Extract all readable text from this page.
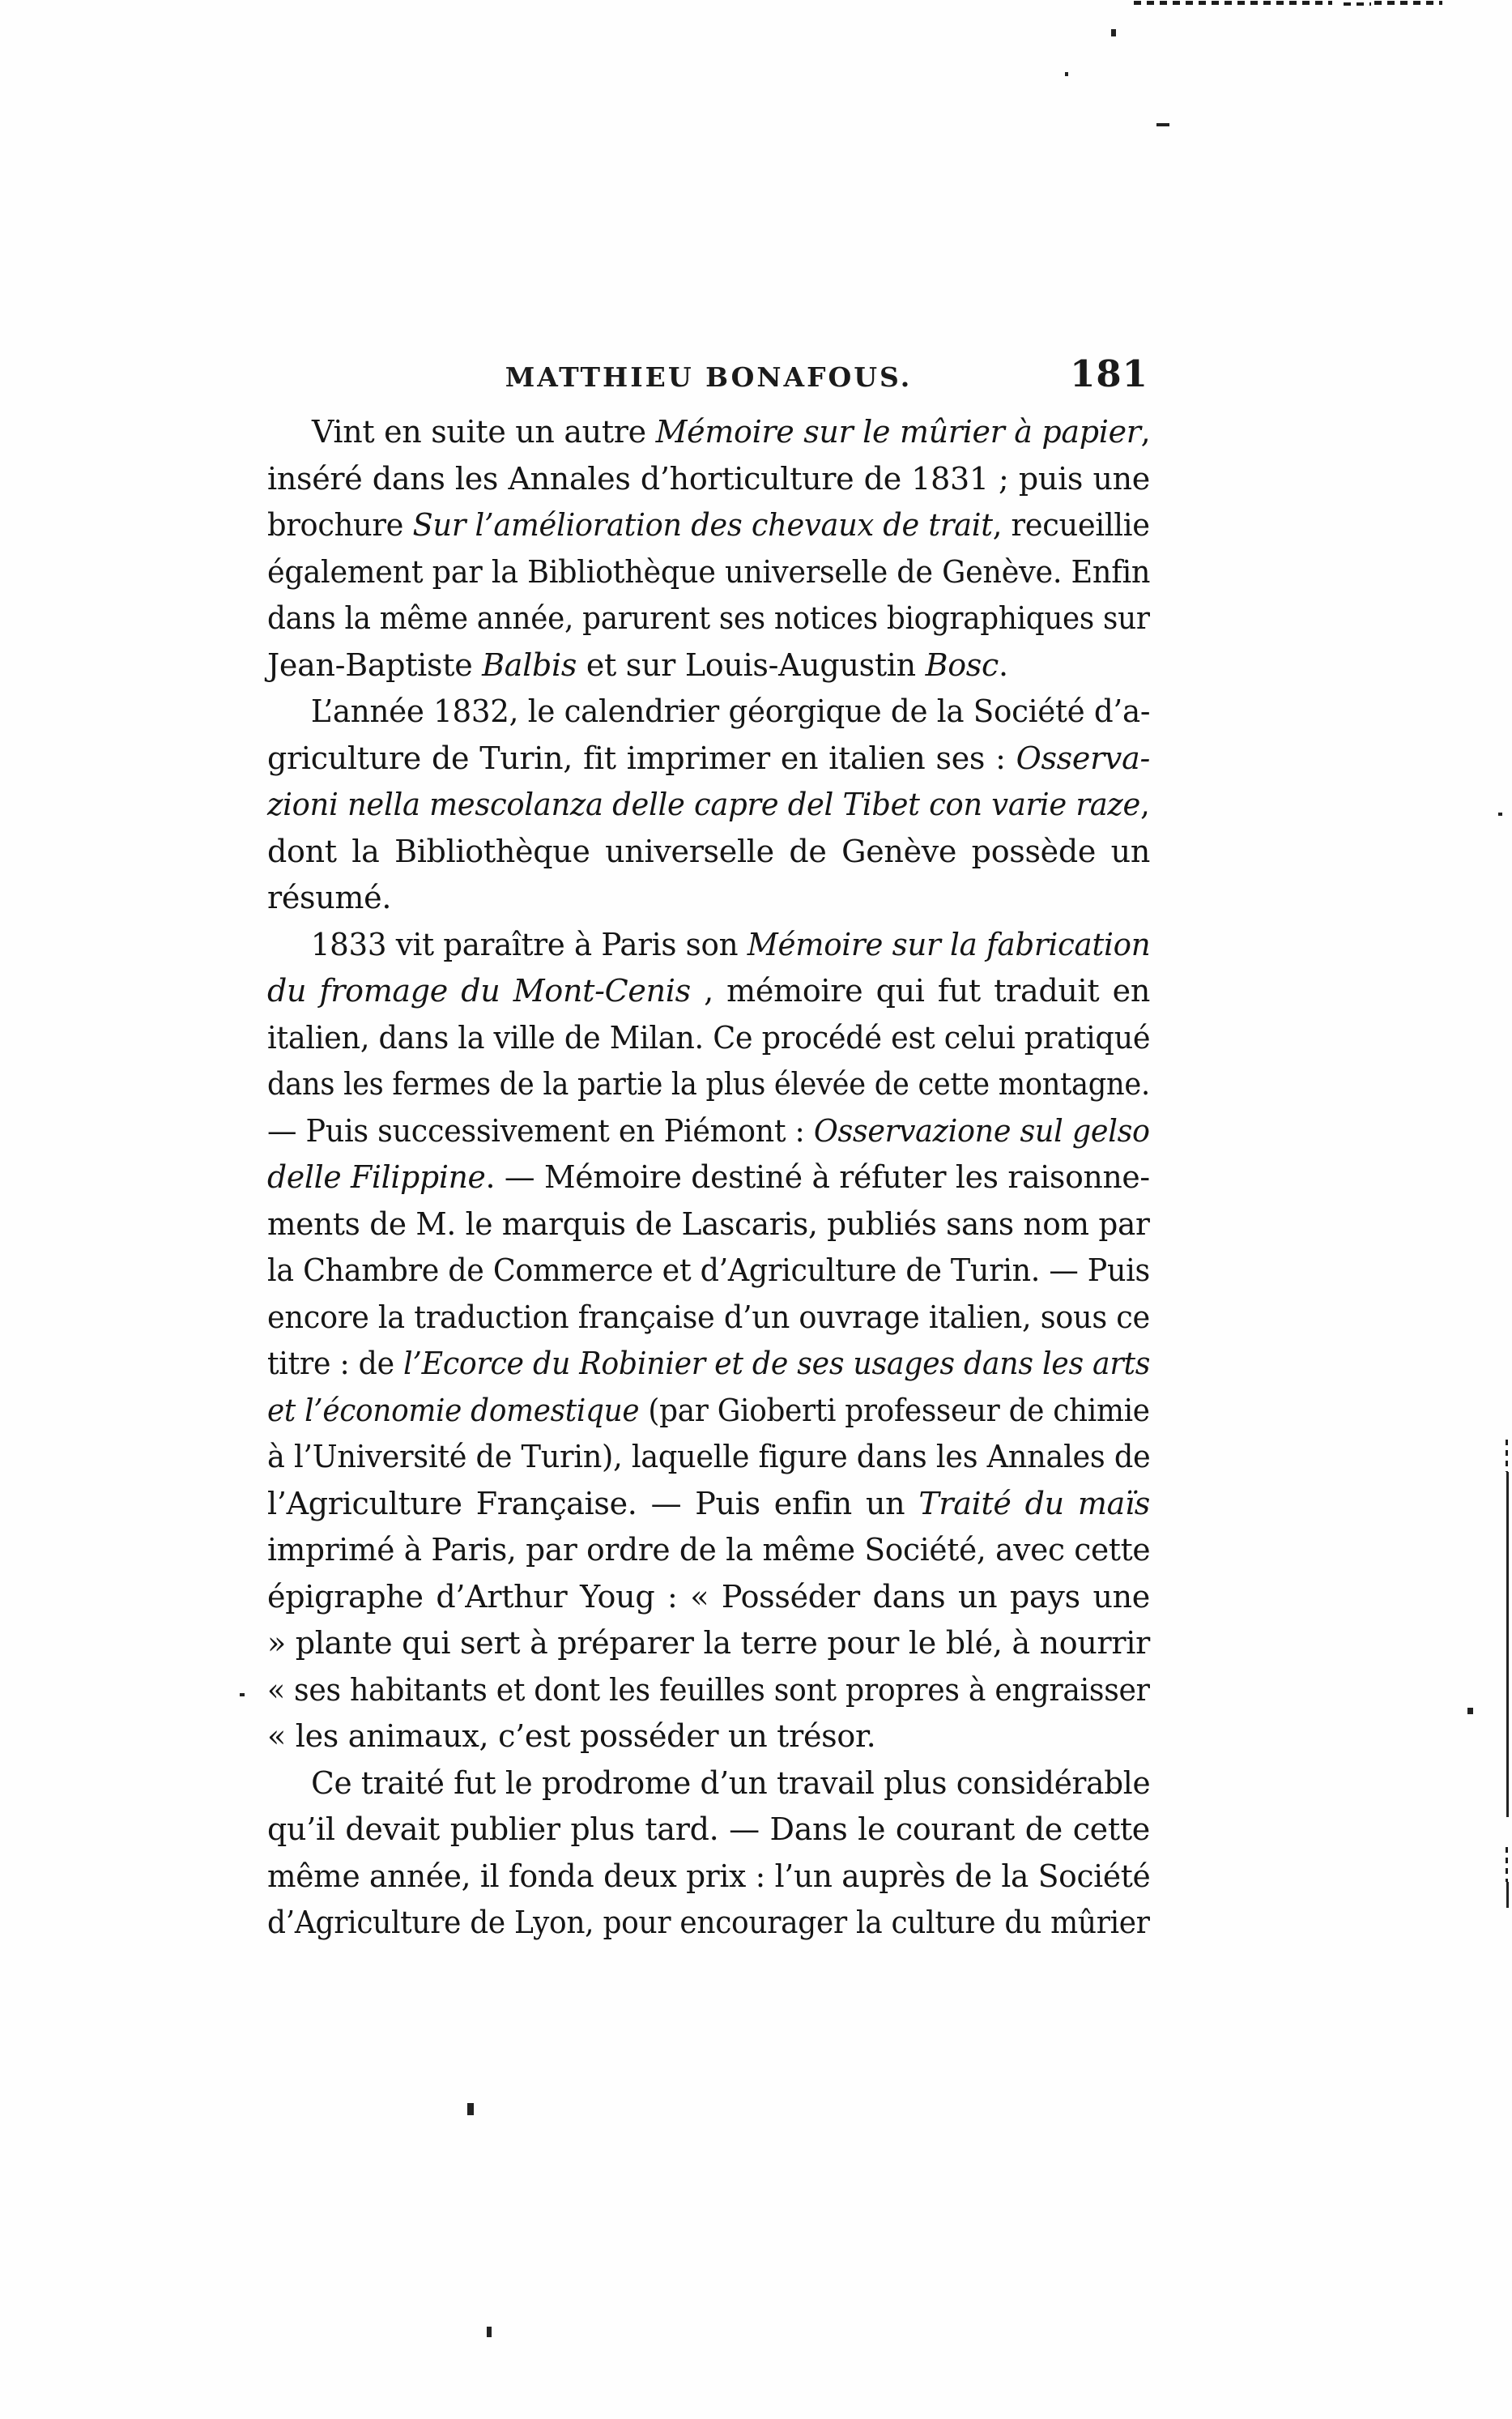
MATTHIEU BONAFOUS.	181
Vint en suite un autre Mémoire sur le mûrier à papier,
inséré dans les Annales d’horticulture de 1831 ; puis une
brochure Sur l’amélioration des chevaux de trait, recueillie
également par la Bibliothèque universelle de Genève. Enfin
dans la même année, parurent ses notices biographiques sur
Jean-Baptiste Balbis et sur Louis-Augustin Bosc.
L’année 1832, le calendrier géorgique de la Société d’a-
griculture de Turin, fit imprimer en italien ses : Osserva-
zioni nella mescolanza delle capre del Tibet con varie raze,
dont la Bibliothèque universelle de Genève possède un
résumé.
1833 vit paraître à Paris son Mémoire sur la fabrication
du fromage du Mont-Cenis , mémoire qui fut traduit en
italien, dans la ville de Milan. Ce procédé est celui pratiqué
dans les fermes de la partie la plus élevée de cette montagne.
— Puis successivement en Piémont : Osservazione sul gelso
delle Filippine. — Mémoire destiné à réfuter les raisonne-
ments de M. le marquis de Lascaris, publiés sans nom par
la Chambre de Commerce et d’Agriculture de Turin. — Puis
encore la traduction française d’un ouvrage italien, sous ce
titre : de l’Ecorce du Robinier et de ses usages dans les arts
et l’économie domestique (par Gioberti professeur de chimie
à l’Université de Turin), laquelle figure dans les Annales de
l’Agriculture Française. — Puis enfin un Traité du maïs
imprimé à Paris, par ordre de la même Société, avec cette
épigraphe d’Arthur Youg : « Posséder dans un pays une
» plante qui sert à préparer la terre pour le blé, à nourrir
« ses habitants et dont les feuilles sont propres à engraisser
« les animaux, c’est posséder un trésor.
Ce traité fut le prodrome d’un travail plus considérable
qu’il devait publier plus tard. — Dans le courant de cette
même année, il fonda deux prix : l’un auprès de la Société
d’Agriculture de Lyon, pour encourager la culture du mûrier
